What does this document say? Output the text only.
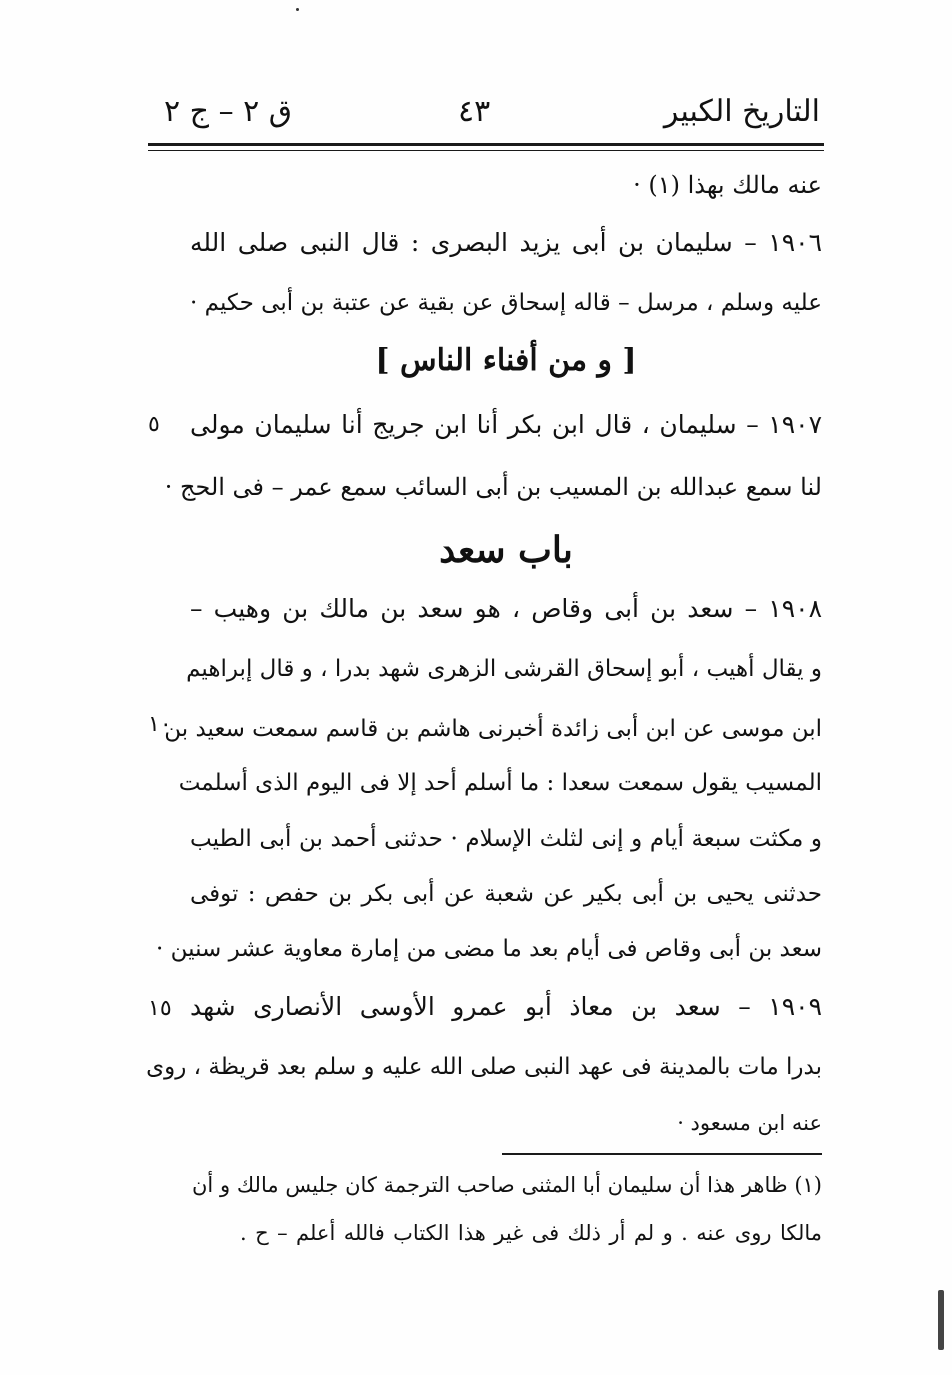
التاريخ الكبير
٤٣
ق ٢ – ج ٢
عنه مالك بهذا (١) ·
١٩٠٦ – سليمان بن أبى يزيد البصرى : قال النبى صلى الله
عليه وسلم ، مرسل – قاله إسحاق عن بقية عن عتبة بن أبى حكيم ·
[ و من أفناء الناس ]
١٩٠٧ – سليمان ، قال ابن بكر أنا ابن جريج أنا سليمان مولى
٥
لنا سمع عبدالله بن المسيب بن أبى السائب سمع عمر – فى الحج ·
باب سعد
١٩٠٨ – سعد بن أبى وقاص ، هو سعد بن مالك بن وهيب –
و يقال أهيب ، أبو إسحاق القرشى الزهرى شهد بدرا ، و قال إبراهيم
ابن موسى عن ابن أبى زائدة أخبرنى هاشم بن قاسم سمعت سعيد بن
١٠
المسيب يقول سمعت سعدا : ما أسلم أحد إلا فى اليوم الذى أسلمت
و مكثت سبعة أيام و إنى لثلث الإسلام · حدثنى أحمد بن أبى الطيب
حدثنى يحيى بن أبى بكير عن شعبة عن أبى بكر بن حفص : توفى
سعد بن أبى وقاص فى أيام بعد ما مضى من إمارة معاوية عشر سنين ·
١٩٠٩ – سعد بن معاذ أبو عمرو الأوسى الأنصارى شهد
١٥
بدرا مات بالمدينة فى عهد النبى صلى الله عليه و سلم بعد قريظة ، روى
عنه ابن مسعود ·
(١) ظاهر هذا أن سليمان أبا المثنى صاحب الترجمة كان جليس مالك و أن
مالكا روى عنه . و لم أر ذلك فى غير هذا الكتاب فالله أعلم – ح .
